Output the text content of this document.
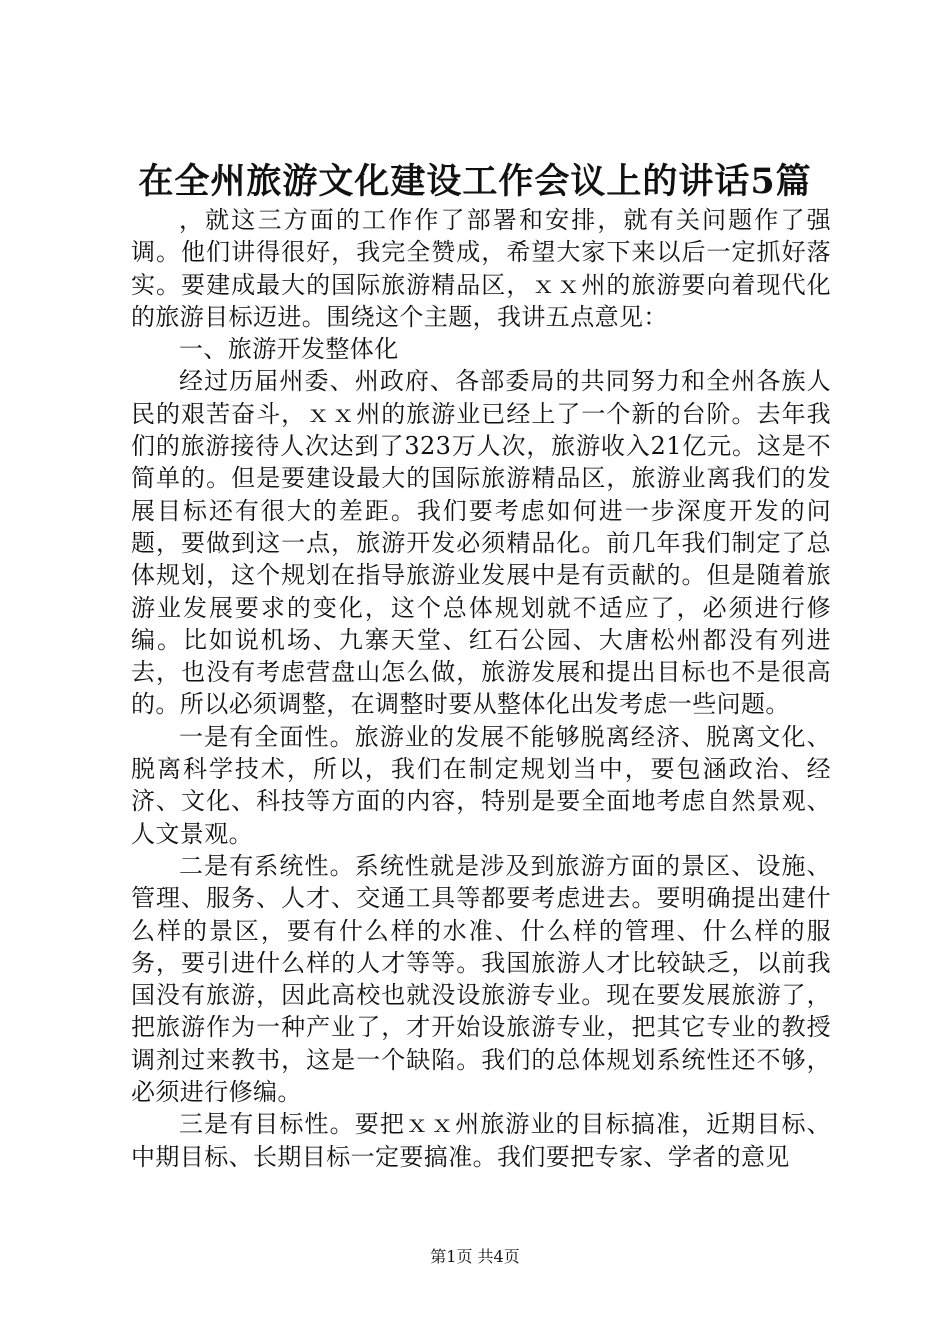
在全州旅游文化建设工作会议上的讲话5篇

，就这三方面的工作作了部署和安排，就有关问题作了强调。他们讲得很好，我完全赞成，希望大家下来以后一定抓好落实。要建成最大的国际旅游精品区，ｘｘ州的旅游要向着现代化的旅游目标迈进。围绕这个主题，我讲五点意见：

一、旅游开发整体化

经过历届州委、州政府、各部委局的共同努力和全州各族人民的艰苦奋斗，ｘｘ州的旅游业已经上了一个新的台阶。去年我们的旅游接待人次达到了323万人次，旅游收入21亿元。这是不简单的。但是要建设最大的国际旅游精品区，旅游业离我们的发展目标还有很大的差距。我们要考虑如何进一步深度开发的问题，要做到这一点，旅游开发必须精品化。前几年我们制定了总体规划，这个规划在指导旅游业发展中是有贡献的。但是随着旅游业发展要求的变化，这个总体规划就不适应了，必须进行修编。比如说机场、九寨天堂、红石公园、大唐松州都没有列进去，也没有考虑营盘山怎么做，旅游发展和提出目标也不是很高的。所以必须调整，在调整时要从整体化出发考虑一些问题。

一是有全面性。旅游业的发展不能够脱离经济、脱离文化、脱离科学技术，所以，我们在制定规划当中，要包涵政治、经济、文化、科技等方面的内容，特别是要全面地考虑自然景观、人文景观。

二是有系统性。系统性就是涉及到旅游方面的景区、设施、管理、服务、人才、交通工具等都要考虑进去。要明确提出建什么样的景区，要有什么样的水准、什么样的管理、什么样的服务，要引进什么样的人才等等。我国旅游人才比较缺乏，以前我国没有旅游，因此高校也就没设旅游专业。现在要发展旅游了，把旅游作为一种产业了，才开始设旅游专业，把其它专业的教授调剂过来教书，这是一个缺陷。我们的总体规划系统性还不够，必须进行修编。

三是有目标性。要把ｘｘ州旅游业的目标搞准，近期目标、中期目标、长期目标一定要搞准。我们要把专家、学者的意见

第1页 共4页
